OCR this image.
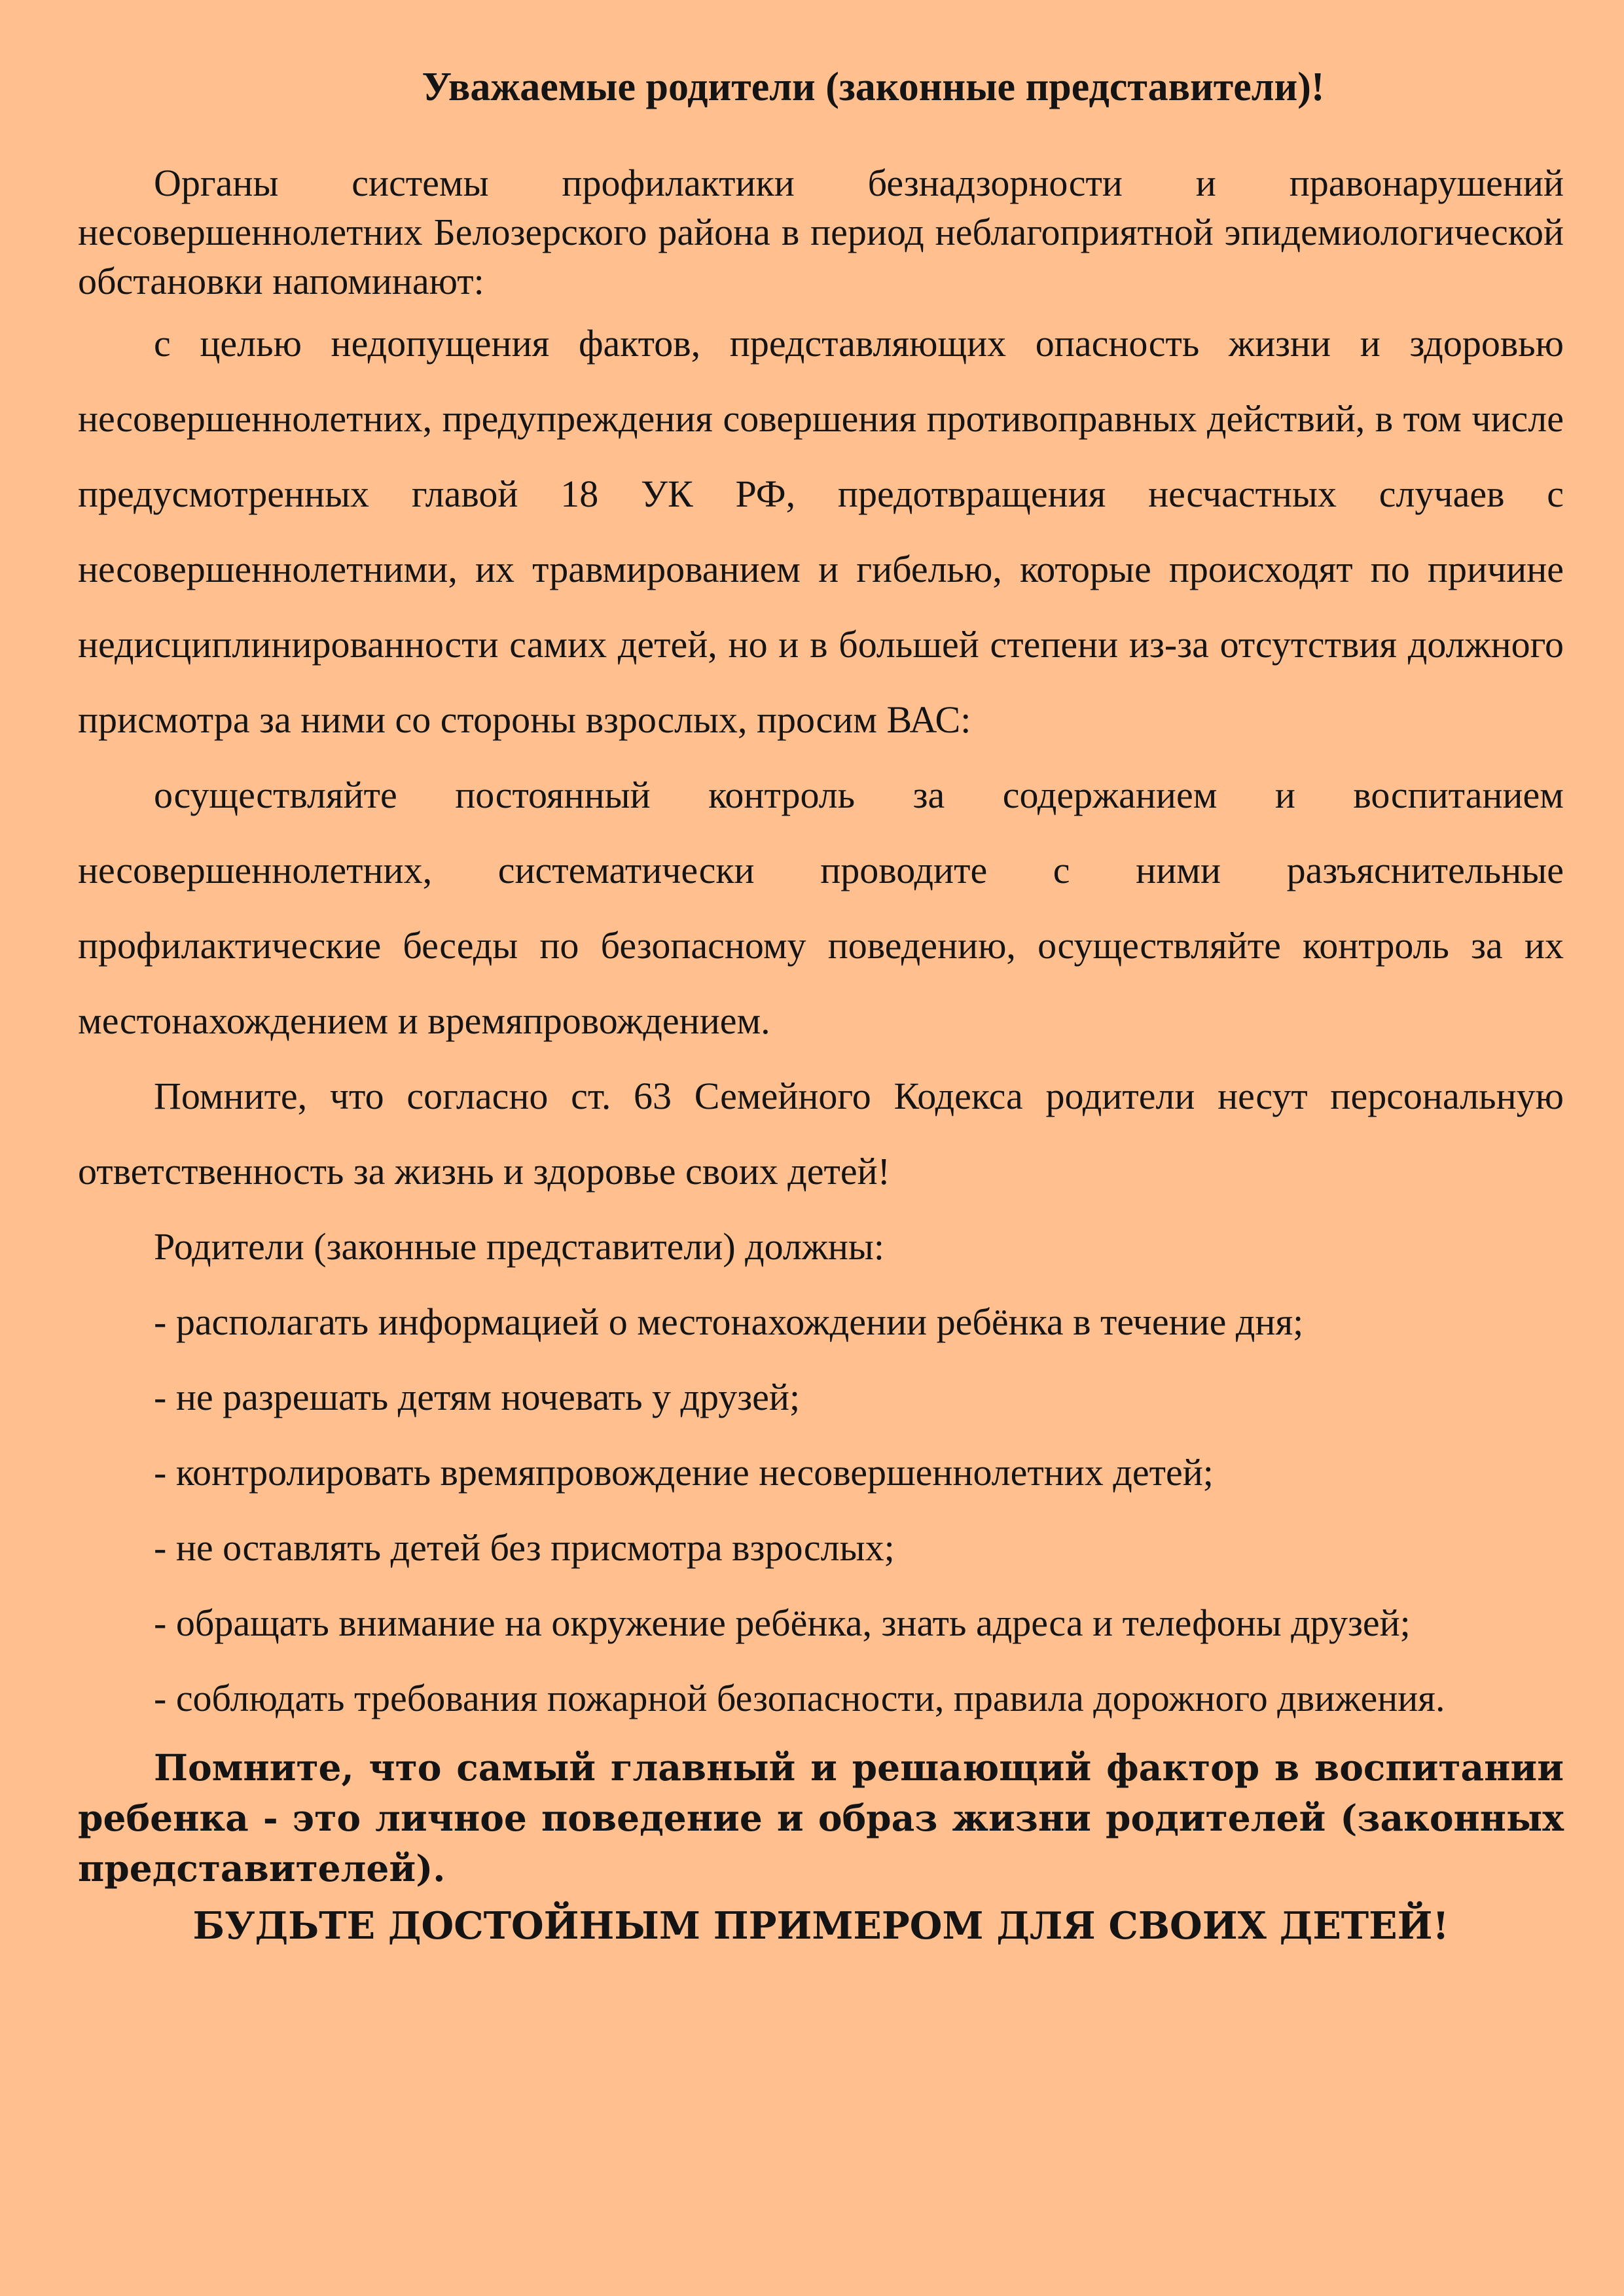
Уважаемые родители (законные представители)!

Органы системы профилактики безнадзорности и правонарушений несовершеннолетних Белозерского района в период неблагоприятной эпидемиологической обстановки напоминают:

с целью недопущения фактов, представляющих опасность жизни и здоровью несовершеннолетних, предупреждения совершения противоправных действий, в том числе предусмотренных главой 18 УК РФ, предотвращения несчастных случаев с несовершеннолетними, их травмированием и гибелью, которые происходят по причине недисциплинированности самих детей, но и в большей степени из-за отсутствия должного присмотра за ними со стороны взрослых, просим ВАС:

осуществляйте постоянный контроль за содержанием и воспитанием несовершеннолетних, систематически проводите с ними разъяснительные профилактические беседы по безопасному поведению, осуществляйте контроль за их местонахождением и времяпровождением.

Помните, что согласно ст. 63 Семейного Кодекса родители несут персональную ответственность за жизнь и здоровье своих детей!

Родители (законные представители) должны:

- располагать информацией о местонахождении ребёнка в течение дня;

- не разрешать детям ночевать у друзей;

- контролировать времяпровождение несовершеннолетних детей;

- не оставлять детей без присмотра взрослых;

- обращать внимание на окружение ребёнка, знать адреса и телефоны друзей;

- соблюдать требования пожарной безопасности, правила дорожного движения.

Помните, что самый главный и решающий фактор в воспитании ребенка - это личное поведение и образ жизни родителей (законных представителей).

БУДЬТЕ ДОСТОЙНЫМ ПРИМЕРОМ ДЛЯ СВОИХ ДЕТЕЙ!
